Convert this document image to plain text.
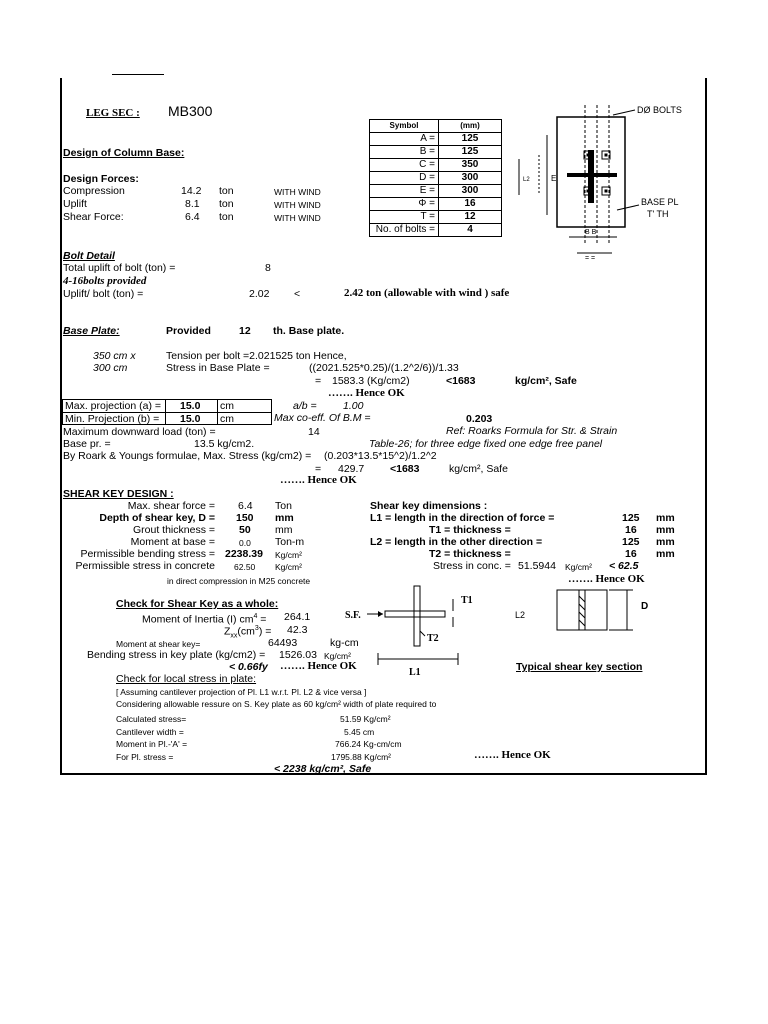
LEG SEC : MB300
Symbol	(mm)
A =	125
B =	125
C =	350
D =	300
E =	300
Φ =	16
T =	12
No. of bolts =	4
DØ BOLTS
BASE PL
T' TH
B B
= =
L2	E
Design of Column Base:
Design Forces:
Compression	14.2 ton	WITH WIND
Uplift	8.1 ton	WITH WIND
Shear Force:	6.4 ton	WITH WIND
Bolt Detail
Total uplift of bolt (ton) =	8
4-16bolts provided
Uplift/ bolt (ton) =	2.02 <	2.42 ton (allowable with wind ) safe
Base Plate:	Provided	12 th. Base plate.
350 cm x
300 cm
Tension per bolt =2.021525 ton Hence,
Stress in Base Plate =	((2021.525*0.25)/(1.2^2/6))/1.33
= 1583.3 (Kg/cm2)	<1683	kg/cm², Safe
……. Hence OK
Max. projection (a) = 15.0 cm
Min. Projection (b) = 15.0 cm
a/b =	1.00
Max co-eff. Of B.M =	0.203
Ref: Roarks Formula for Str. & Strain
Maximum downward load (ton) =	14
Table-26; for three edge fixed one edge free panel
Base pr. =	13.5 kg/cm2.
By Roark & Youngs formulae, Max. Stress (kg/cm2) = (0.203*13.5*15^2)/1.2^2
= 429.7 <1683	kg/cm², Safe
……. Hence OK
SHEAR KEY DESIGN :
Max. shear force = 6.4 Ton
Depth of shear key, D = 150 mm
Grout thickness = 50 mm
Moment at base =	0.0 Ton-m
Permissible bending stress = 2238.39 Kg/cm²
Permissible stress in concrete 62.50 Kg/cm²
in direct compression in M25 concrete
Shear key dimensions :
L1 = length in the direction of force =	125 mm
T1 = thickness =	16 mm
L2 = length in the other direction =	125 mm
T2 = thickness =	16 mm
Stress in conc. = 51.5944 Kg/cm² < 62.5
……. Hence OK
Check for Shear Key as a whole:
Moment of Inertia (I) $cm^4 = 264.1$
$Z_{xx}(cm^3) = 42.3$
Moment at shear key=	64493	kg-cm
Bending stress in key plate (kg/cm2) = 1526.03 Kg/cm²
< 0.66fy ……. Hence OK
S.F.
T1
T2
L1
L2
D
Typical shear key section
Check for local stress in plate:
[ Assuming cantilever projection of Pl. L1 w.r.t. Pl. L2 & vice versa ]
Considering allowable ressure on S. Key plate as 60 kg/cm² width of plate required to
Calculated stress=	51.59 Kg/cm²
Cantilever width =	5.45 cm
Moment in Pl.-'A' =	766.24 Kg-cm/cm
For Pl. stress =	1795.88 Kg/cm²	……. Hence OK
< 2238 kg/cm², Safe
